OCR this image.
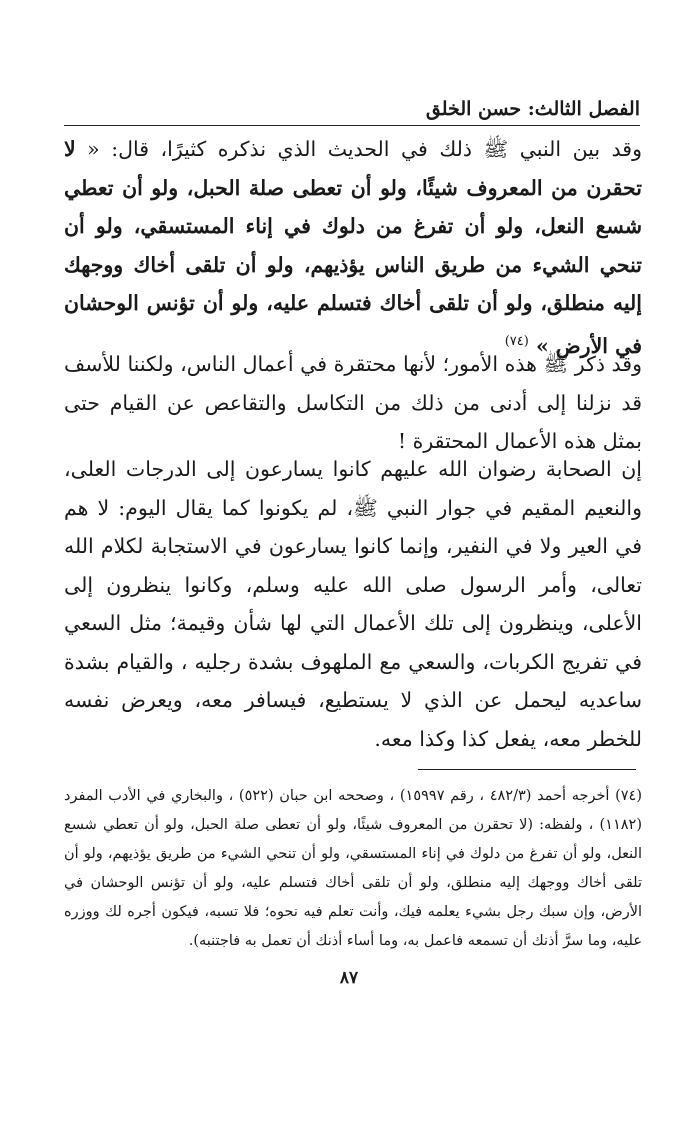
الفصل الثالث: حسن الخلق
وقد بين النبي ﷺ ذلك في الحديث الذي نذكره كثيرًا، قال: « لا تحقرن من المعروف شيئًا، ولو أن تعطى صلة الحبل، ولو أن تعطي شسع النعل، ولو أن تفرغ من دلوك في إناء المستسقي، ولو أن تنحي الشيء من طريق الناس يؤذيهم، ولو أن تلقى أخاك ووجهك إليه منطلق، ولو أن تلقى أخاك فتسلم عليه، ولو أن تؤنس الوحشان في الأرض » $^{(٧٤)}$
وقد ذكر ﷺ هذه الأمور؛ لأنها محتقرة في أعمال الناس، ولكننا للأسف قد نزلنا إلى أدنى من ذلك من التكاسل والتقاعص عن القيام حتى بمثل هذه الأعمال المحتقرة !
إن الصحابة رضوان الله عليهم كانوا يسارعون إلى الدرجات العلى، والنعيم المقيم في جوار النبي ﷺ، لم يكونوا كما يقال اليوم: لا هم في العير ولا في النفير، وإنما كانوا يسارعون في الاستجابة لكلام الله تعالى، وأمر الرسول صلى الله عليه وسلم، وكانوا ينظرون إلى الأعلى، وينظرون إلى تلك الأعمال التي لها شأن وقيمة؛ مثل السعي في تفريج الكربات، والسعي مع الملهوف بشدة رجليه ، والقيام بشدة ساعديه ليحمل عن الذي لا يستطيع، فيسافر معه، ويعرض نفسه للخطر معه، يفعل كذا وكذا معه.
(٧٤) أخرجه أحمد (٤٨٢/٣ ، رقم ١٥٩٩٧) ، وصححه ابن حبان (٥٢٢) ، والبخاري في الأدب المفرد (١١٨٢) ، ولفظه: (لا تحقرن من المعروف شيئًا، ولو أن تعطى صلة الحبل، ولو أن تعطي شسع النعل، ولو أن تفرغ من دلوك في إناء المستسقي، ولو أن تنحي الشيء من طريق يؤذيهم، ولو أن تلقى أخاك ووجهك إليه منطلق، ولو أن تلقى أخاك فتسلم عليه، ولو أن تؤنس الوحشان في الأرض، وإن سبك رجل بشيء يعلمه فيك، وأنت تعلم فيه نحوه؛ فلا تسبه، فيكون أجره لك ووزره عليه، وما سرَّ أذنك أن تسمعه فاعمل به، وما أساء أذنك أن تعمل به فاجتنبه).
٨٧
